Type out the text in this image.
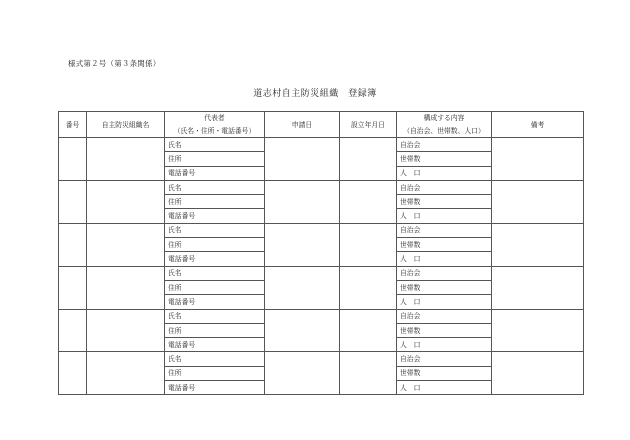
様式第２号（第３条関係）
道志村自主防災組織　登録簿
番号	自主防災組織名	代表者	申請日	設立年月日	構成する内容	備考
		（氏名・住所・電話番号）			（自治会、世帯数、人口）	
		氏名			自治会	
		住所			世帯数	
		電話番号			人　口	
		氏名			自治会	
		住所			世帯数	
		電話番号			人　口	
		氏名			自治会	
		住所			世帯数	
		電話番号			人　口	
		氏名			自治会	
		住所			世帯数	
		電話番号			人　口	
		氏名			自治会	
		住所			世帯数	
		電話番号			人　口	
		氏名			自治会	
		住所			世帯数	
		電話番号			人　口	
